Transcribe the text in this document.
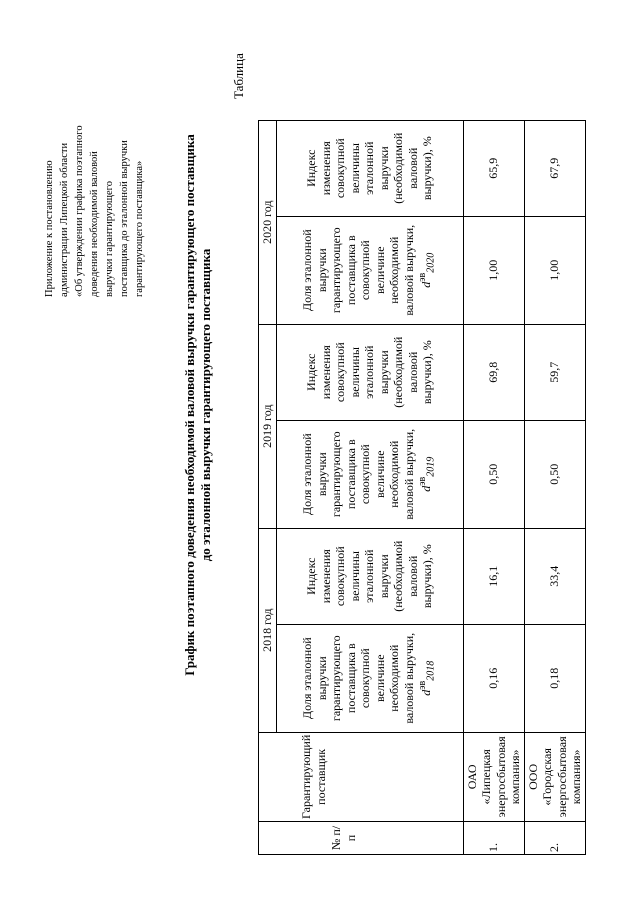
Приложение к постановлению администрации Липецкой области «Об утверждении графика поэтапного доведения необходимой валовой выручки гарантирующего поставщика до эталонной выручки гарантирующего поставщика»
Таблица
График поэтапного доведения необходимой валовой выручки гарантирующего поставщика до эталонной выручки гарантирующего поставщика
№ п/п	Гарантирующий поставщик	2018 год		2019 год		2020 год	
		Доля эталонной выручки гарантирующего поставщика в совокупной величине необходимой валовой выручки, $d^{эв}_{2018}$	Индекс изменения совокупной величины эталонной выручки (необходимой валовой выручки), %	Доля эталонной выручки гарантирующего поставщика в совокупной величине необходимой валовой выручки, $d^{эв}_{2019}$	Индекс изменения совокупной величины эталонной выручки (необходимой валовой выручки), %	Доля эталонной выручки гарантирующего поставщика в совокупной величине необходимой валовой выручки, $d^{эв}_{2020}$	Индекс изменения совокупной величины эталонной выручки (необходимой валовой выручки), %
1.	ОАО «Липецкая энергосбытовая компания»	0,16	16,1	0,50	69,8	1,00	65,9
2.	ООО «Городская энергосбытовая компания»	0,18	33,4	0,50	59,7	1,00	67,9
